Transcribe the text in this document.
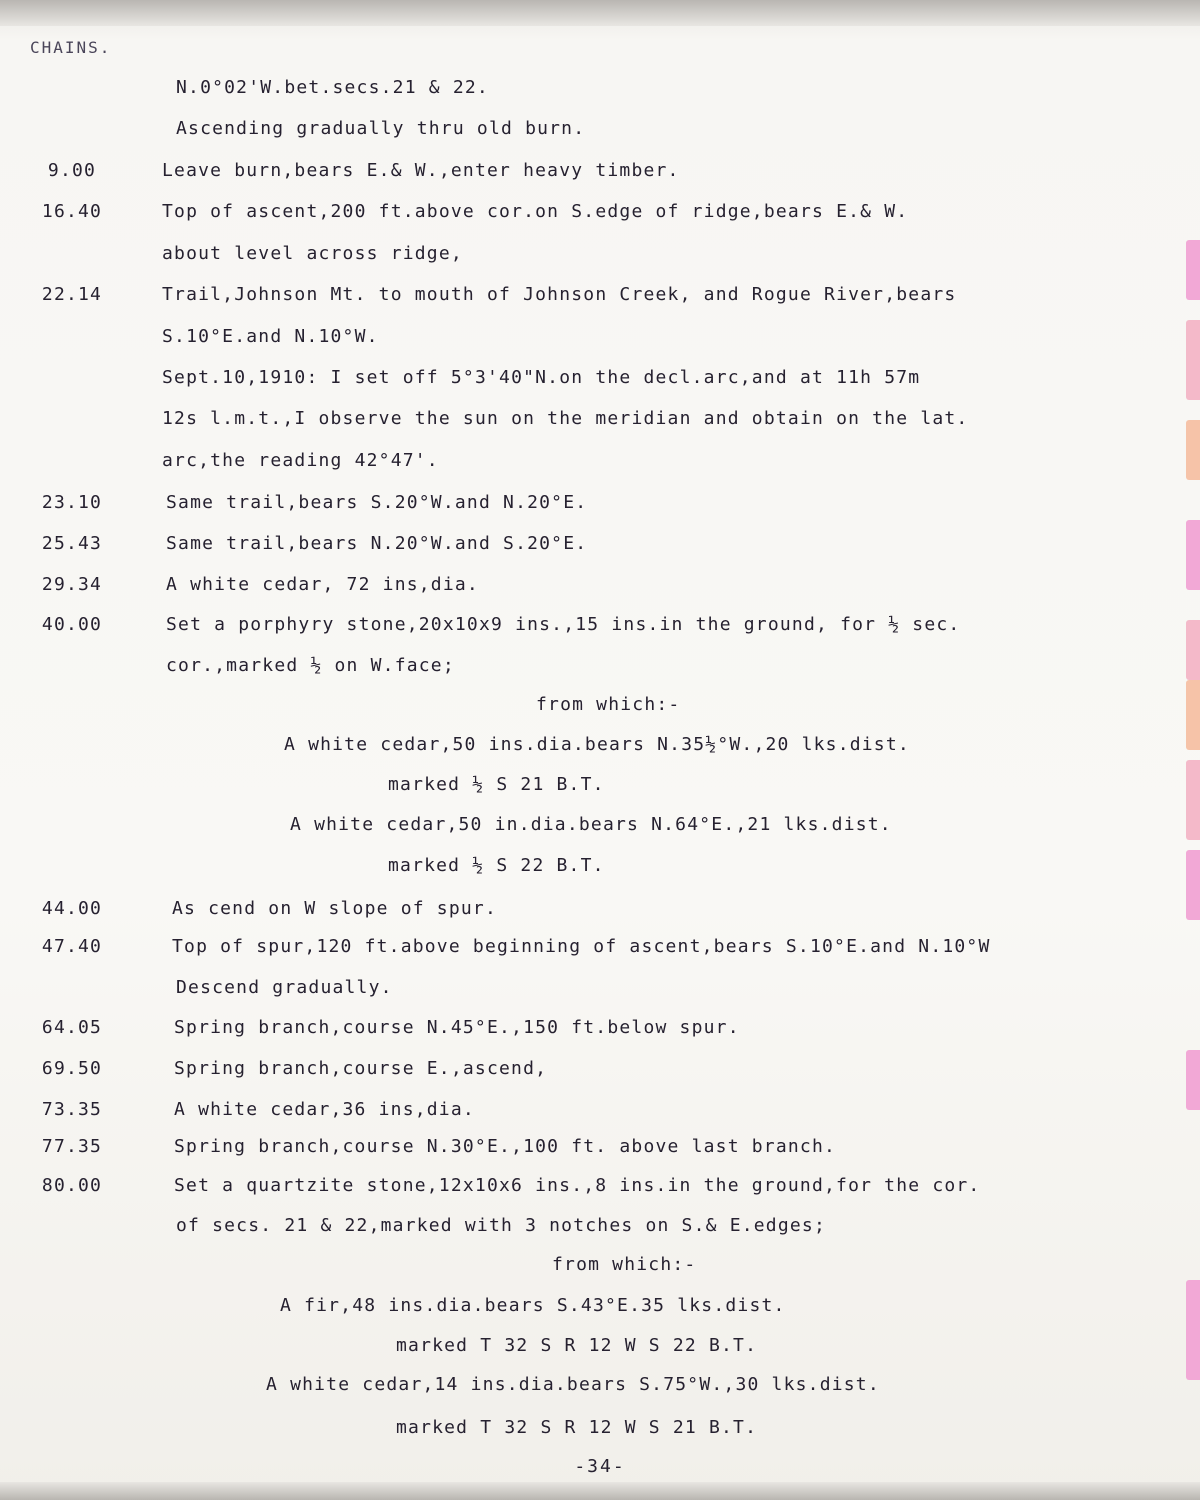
CHAINS.
N.0°02'W.bet.secs.21 & 22.
Ascending gradually thru old burn.
9.00	Leave burn,bears E.& W.,enter heavy timber.
16.40	Top of ascent,200 ft.above cor.on S.edge of ridge,bears E.& W.
about level across ridge,
22.14	Trail,Johnson Mt. to mouth of Johnson Creek, and Rogue River,bears
S.10°E.and N.10°W.
Sept.10,1910: I set off 5°3'40"N.on the decl.arc,and at 11h 57m
12s l.m.t.,I observe the sun on the meridian and obtain on the lat.
arc,the reading 42°47'.
23.10	Same trail,bears S.20°W.and N.20°E.
25.43	Same trail,bears N.20°W.and S.20°E.
29.34	A white cedar, 72 ins,dia.
40.00	Set a porphyry stone,20x10x9 ins.,15 ins.in the ground, for ½ sec.
cor.,marked ½ on W.face;
from which:-
A white cedar,50 ins.dia.bears N.35½°W.,20 lks.dist.
marked ½ S 21 B.T.
A white cedar,50 in.dia.bears N.64°E.,21 lks.dist.
marked ½ S 22 B.T.
44.00	As cend on W slope of spur.
47.40	Top of spur,120 ft.above beginning of ascent,bears S.10°E.and N.10°W
Descend gradually.
64.05	Spring branch,course N.45°E.,150 ft.below spur.
69.50	Spring branch,course E.,ascend,
73.35	A white cedar,36 ins,dia.
77.35	Spring branch,course N.30°E.,100 ft. above last branch.
80.00	Set a quartzite stone,12x10x6 ins.,8 ins.in the ground,for the cor.
of secs. 21 & 22,marked with 3 notches on S.& E.edges;
from which:-
A fir,48 ins.dia.bears S.43°E.35 lks.dist.
marked T 32 S R 12 W S 22 B.T.
A white cedar,14 ins.dia.bears S.75°W.,30 lks.dist.
marked T 32 S R 12 W S 21 B.T.
-34-
